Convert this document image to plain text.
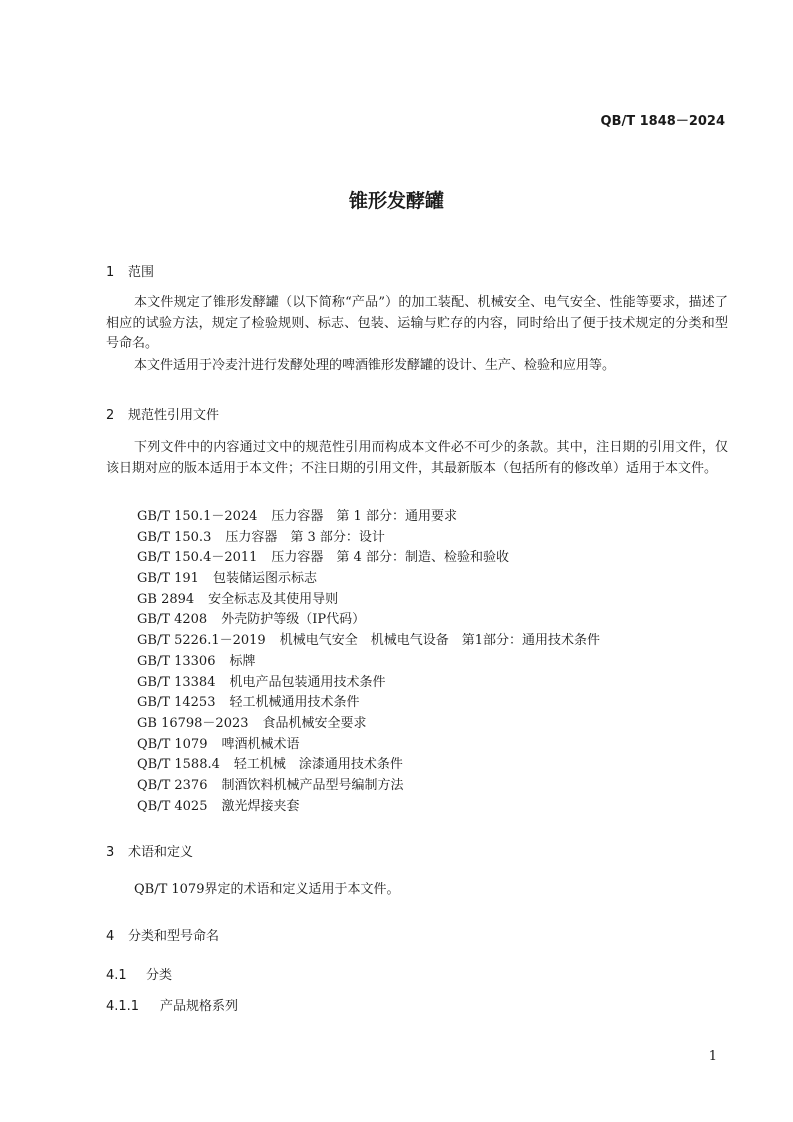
QB/T 1848－2024
锥形发酵罐
1 范围
本文件规定了锥形发酵罐（以下简称“产品”）的加工装配、机械安全、电气安全、性能等要求，描述了相应的试验方法，规定了检验规则、标志、包装、运输与贮存的内容，同时给出了便于技术规定的分类和型号命名。
本文件适用于冷麦汁进行发酵处理的啤酒锥形发酵罐的设计、生产、检验和应用等。
2 规范性引用文件
下列文件中的内容通过文中的规范性引用而构成本文件必不可少的条款。其中，注日期的引用文件，仅该日期对应的版本适用于本文件；不注日期的引用文件，其最新版本（包括所有的修改单）适用于本文件。
GB/T 150.1－2024 压力容器　第 1 部分：通用要求
GB/T 150.3 压力容器　第 3 部分：设计
GB/T 150.4－2011 压力容器　第 4 部分：制造、检验和验收
GB/T 191 包装储运图示标志
GB 2894 安全标志及其使用导则
GB/T 4208 外壳防护等级（IP代码）
GB/T 5226.1－2019 机械电气安全　机械电气设备　第1部分：通用技术条件
GB/T 13306 标牌
GB/T 13384 机电产品包装通用技术条件
GB/T 14253 轻工机械通用技术条件
GB 16798－2023 食品机械安全要求
QB/T 1079 啤酒机械术语
QB/T 1588.4 轻工机械　涂漆通用技术条件
QB/T 2376 制酒饮料机械产品型号编制方法
QB/T 4025 激光焊接夹套
3 术语和定义
QB/T 1079界定的术语和定义适用于本文件。
4 分类和型号命名
4.1 分类
4.1.1 产品规格系列
1
